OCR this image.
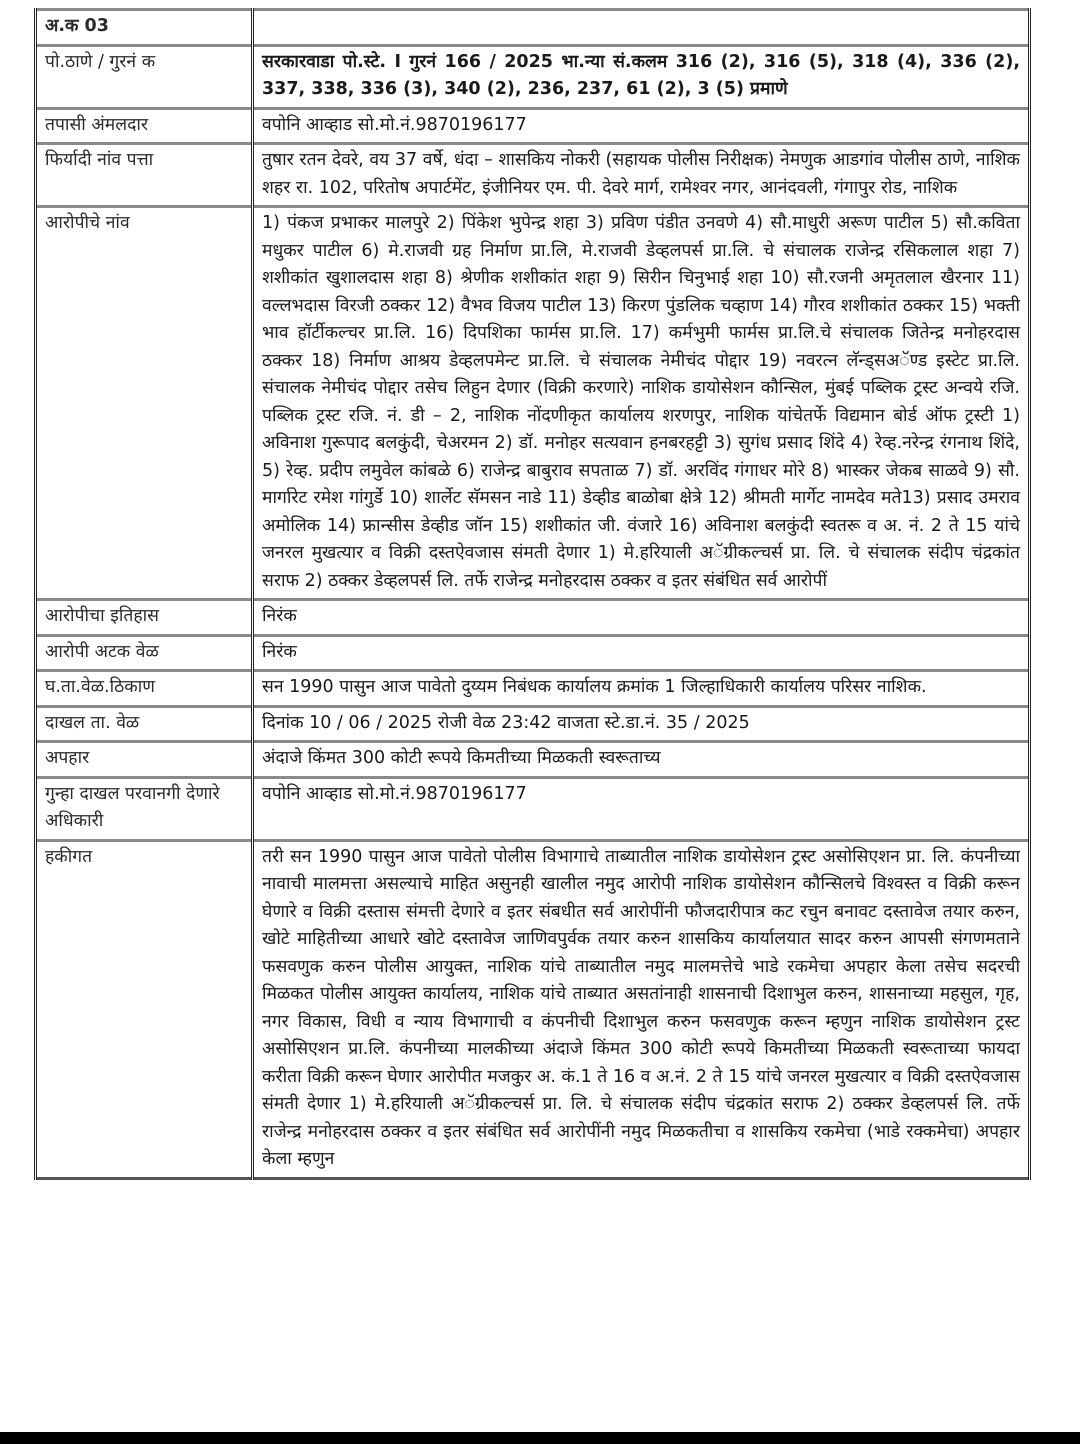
अ.क 03	
पो.ठाणे / गुरनं क	सरकारवाडा पो.स्टे. I गुरनं 166 / 2025 भा.न्या सं.कलम 316 (2), 316 (5), 318 (4), 336 (2), 337, 338, 336 (3), 340 (2), 236, 237, 61 (2), 3 (5) प्रमाणे
तपासी अंमलदार	वपोनि आव्हाड सो.मो.नं.9870196177
फिर्यादी नांव पत्ता	तुषार रतन देवरे, वय 37 वर्षे, धंदा – शासकिय नोकरी (सहायक पोलीस निरीक्षक) नेमणुक आडगांव पोलीस ठाणे, नाशिक शहर रा. 102, परितोष अपार्टमेंट, इंजीनियर एम. पी. देवरे मार्ग, रामेश्वर नगर, आनंदवली, गंगापुर रोड, नाशिक
आरोपीचे नांव	1) पंकज प्रभाकर मालपुरे 2) पिंकेश भुपेन्द्र शहा 3) प्रविण पंडीत उनवणे 4) सौ.माधुरी अरूण पाटील 5) सौ.कविता मधुकर पाटील 6) मे.राजवी ग्रह निर्माण प्रा.लि, मे.राजवी डेव्हलपर्स प्रा.लि. चे संचालक राजेन्द्र रसिकलाल शहा 7) शशीकांत खुशालदास शहा 8) श्रेणीक शशीकांत शहा 9) सिरीन चिनुभाई शहा 10) सौ.रजनी अमृतलाल खैरनार 11) वल्लभदास विरजी ठक्कर 12) वैभव विजय पाटील 13) किरण पुंडलिक चव्हाण 14) गौरव शशीकांत ठक्कर 15) भक्ती भाव हॉर्टीकल्चर प्रा.लि. 16) दिपशिका फार्मस प्रा.लि. 17) कर्मभुमी फार्मस प्रा.लि.चे संचालक जितेन्द्र मनोहरदास ठक्कर 18) निर्माण आश्रय डेव्हलपमेन्ट प्रा.लि. चे संचालक नेमीचंद पोद्दार 19) नवरत्न लॅन्ड्सअॅण्ड इस्टेट प्रा.लि. संचालक नेमीचंद पोद्दार तसेच लिहुन देणार (विक्री करणारे) नाशिक डायोसेशन कौन्सिल, मुंबई पब्लिक ट्रस्ट अन्वये रजि. पब्लिक ट्रस्ट रजि. नं. डी – 2, नाशिक नोंदणीकृत कार्यालय शरणपुर, नाशिक यांचेतर्फे विद्यमान बोर्ड ऑफ ट्रस्टी 1) अविनाश गुरूपाद बलकुंदी, चेअरमन 2) डॉ. मनोहर सत्यवान हनबरहट्टी 3) सुगंध प्रसाद शिंदे 4) रेव्ह.नरेन्द्र रंगनाथ शिंदे, 5) रेव्ह. प्रदीप लमुवेल कांबळे 6) राजेन्द्र बाबुराव सपताळ 7) डॉ. अरविंद गंगाधर मोरे 8) भास्कर जेकब साळवे 9) सौ. मार्गारेट रमेश गांगुर्डे 10) शार्लेट सॅमसन नाडे 11) डेव्हीड बाळोबा क्षेत्रे 12) श्रीमती मार्गेट नामदेव मते13) प्रसाद उमराव अमोलिक 14) फ्रान्सीस डेव्हीड जॉन 15) शशीकांत जी. वंजारे 16) अविनाश बलकुंदी स्वतरू व अ. नं. 2 ते 15 यांचे जनरल मुखत्यार व विक्री दस्तऐवजास संमती देणार 1) मे.हरियाली अॅग्रीकल्चर्स प्रा. लि. चे संचालक संदीप चंद्रकांत सराफ 2) ठक्कर डेव्हलपर्स लि. तर्फे राजेन्द्र मनोहरदास ठक्कर व इतर संबंधित सर्व आरोपीं
आरोपीचा इतिहास	निरंक
आरोपी अटक वेळ	निरंक
घ.ता.वेळ.ठिकाण	सन 1990 पासुन आज पावेतो दुय्यम निबंधक कार्यालय क्रमांक 1 जिल्हाधिकारी कार्यालय परिसर नाशिक.
दाखल ता. वेळ	दिनांक 10 / 06 / 2025 रोजी वेळ 23:42 वाजता स्टे.डा.नं. 35 / 2025
अपहार	अंदाजे किंमत 300 कोटी रूपये किमतीच्या मिळकती स्वरूताच्य
गुन्हा दाखल परवानगी देणारे अधिकारी	वपोनि आव्हाड सो.मो.नं.9870196177
हकीगत	तरी सन 1990 पासुन आज पावेतो पोलीस विभागाचे ताब्यातील नाशिक डायोसेशन ट्रस्ट असोसिएशन प्रा. लि. कंपनीच्या नावाची मालमत्ता असल्याचे माहित असुनही खालील नमुद आरोपी नाशिक डायोसेशन कौन्सिलचे विश्वस्त व विक्री करून घेणारे व विक्री दस्तास संमत्ती देणारे व इतर संबधीत सर्व आरोपींनी फौजदारीपात्र कट रचुन बनावट दस्तावेज तयार करुन, खोटे माहितीच्या आधारे खोटे दस्तावेज जाणिवपुर्वक तयार करुन शासकिय कार्यालयात सादर करुन आपसी संगणमताने फसवणुक करुन पोलीस आयुक्त, नाशिक यांचे ताब्यातील नमुद मालमत्तेचे भाडे रकमेचा अपहार केला तसेच सदरची मिळकत पोलीस आयुक्त कार्यालय, नाशिक यांचे ताब्यात असतांनाही शासनाची दिशाभुल करुन, शासनाच्या महसुल, गृह, नगर विकास, विधी व न्याय विभागाची व कंपनीची दिशाभुल करुन फसवणुक करून म्हणुन नाशिक डायोसेशन ट्रस्ट असोसिएशन प्रा.लि. कंपनीच्या मालकीच्या अंदाजे किंमत 300 कोटी रूपये किमतीच्या मिळकती स्वरूताच्या फायदा करीता विक्री करून घेणार आरोपीत मजकुर अ. कं.1 ते 16 व अ.नं. 2 ते 15 यांचे जनरल मुखत्यार व विक्री दस्तऐवजास संमती देणार 1) मे.हरियाली अॅग्रीकल्चर्स प्रा. लि. चे संचालक संदीप चंद्रकांत सराफ 2) ठक्कर डेव्हलपर्स लि. तर्फे राजेन्द्र मनोहरदास ठक्कर व इतर संबंधित सर्व आरोपींनी नमुद मिळकतीचा व शासकिय रकमेचा (भाडे रक्कमेचा) अपहार केला म्हणुन
